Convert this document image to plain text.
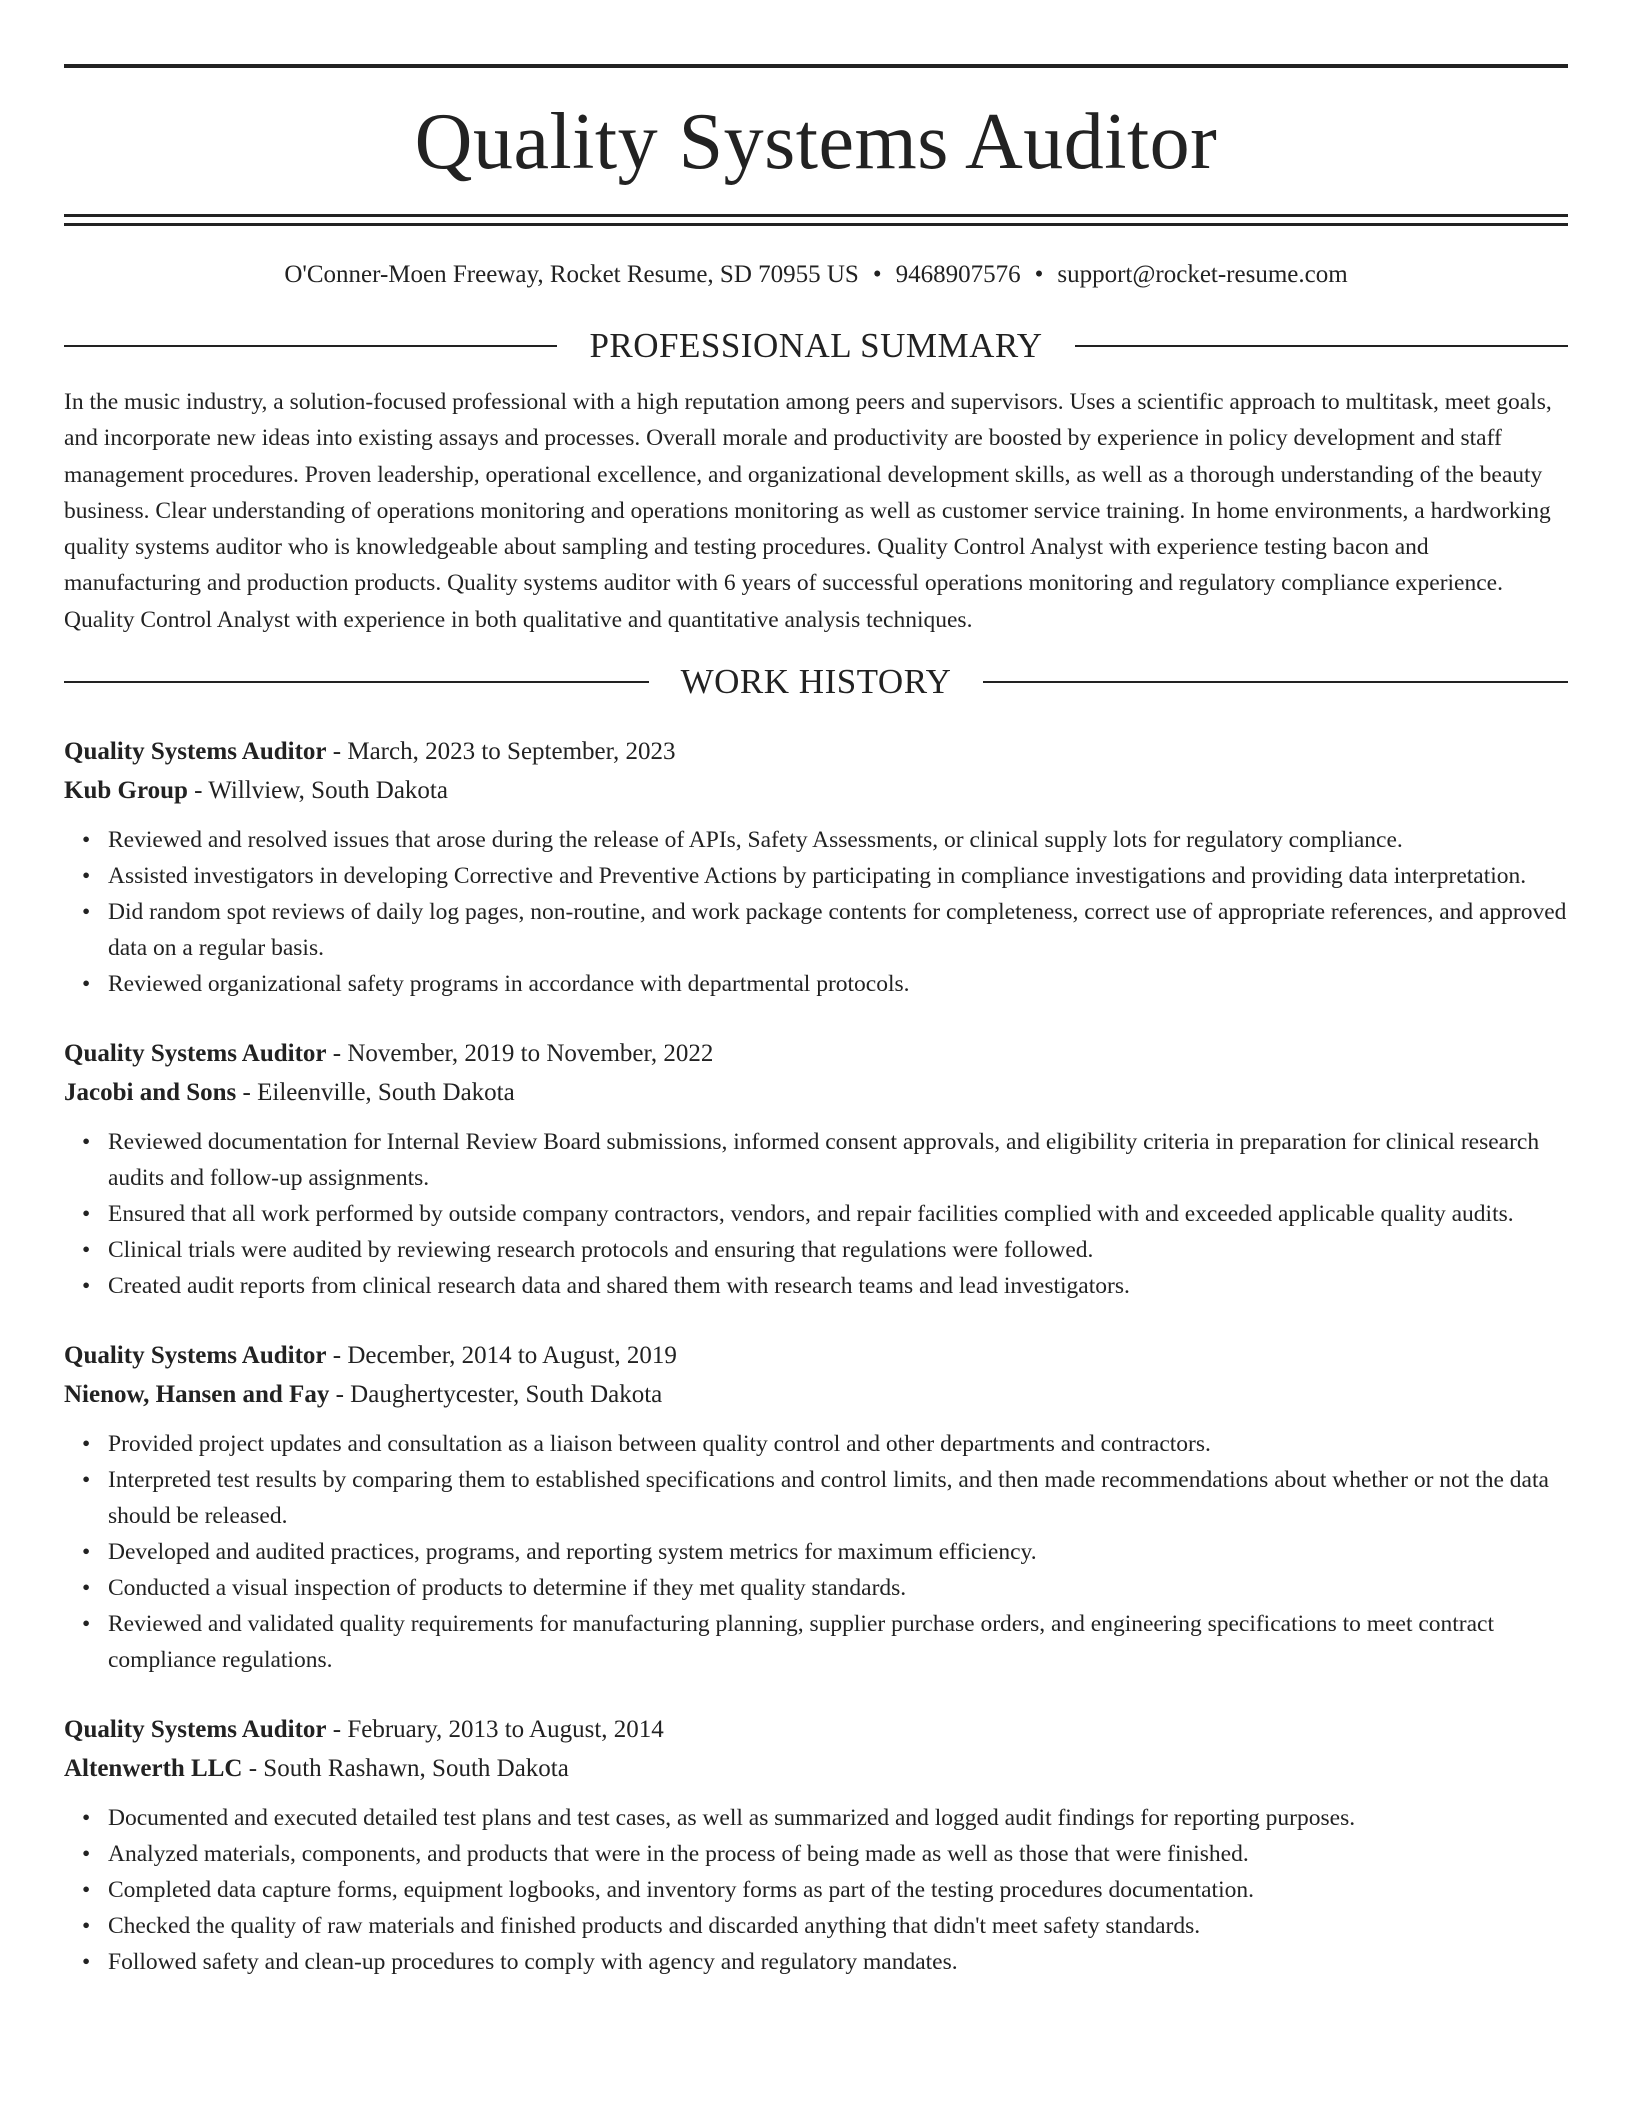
Quality Systems Auditor
O'Conner-Moen Freeway, Rocket Resume, SD 70955 US • 9468907576 • support@rocket-resume.com
PROFESSIONAL SUMMARY

In the music industry, a solution-focused professional with a high reputation among peers and supervisors. Uses a scientific approach to multitask, meet goals, and incorporate new ideas into existing assays and processes. Overall morale and productivity are boosted by experience in policy development and staff management procedures. Proven leadership, operational excellence, and organizational development skills, as well as a thorough understanding of the beauty business. Clear understanding of operations monitoring and operations monitoring as well as customer service training. In home environments, a hardworking quality systems auditor who is knowledgeable about sampling and testing procedures. Quality Control Analyst with experience testing bacon and manufacturing and production products. Quality systems auditor with 6 years of successful operations monitoring and regulatory compliance experience. Quality Control Analyst with experience in both qualitative and quantitative analysis techniques.

WORK HISTORY
Quality Systems Auditor - March, 2023 to September, 2023
Kub Group - Willview, South Dakota
• Reviewed and resolved issues that arose during the release of APIs, Safety Assessments, or clinical supply lots for regulatory compliance.
• Assisted investigators in developing Corrective and Preventive Actions by participating in compliance investigations and providing data interpretation.
• Did random spot reviews of daily log pages, non-routine, and work package contents for completeness, correct use of appropriate references, and approved data on a regular basis.
• Reviewed organizational safety programs in accordance with departmental protocols.
Quality Systems Auditor - November, 2019 to November, 2022
Jacobi and Sons - Eileenville, South Dakota
• Reviewed documentation for Internal Review Board submissions, informed consent approvals, and eligibility criteria in preparation for clinical research audits and follow-up assignments.
• Ensured that all work performed by outside company contractors, vendors, and repair facilities complied with and exceeded applicable quality audits.
• Clinical trials were audited by reviewing research protocols and ensuring that regulations were followed.
• Created audit reports from clinical research data and shared them with research teams and lead investigators.
Quality Systems Auditor - December, 2014 to August, 2019
Nienow, Hansen and Fay - Daughertycester, South Dakota
• Provided project updates and consultation as a liaison between quality control and other departments and contractors.
• Interpreted test results by comparing them to established specifications and control limits, and then made recommendations about whether or not the data should be released.
• Developed and audited practices, programs, and reporting system metrics for maximum efficiency.
• Conducted a visual inspection of products to determine if they met quality standards.
• Reviewed and validated quality requirements for manufacturing planning, supplier purchase orders, and engineering specifications to meet contract compliance regulations.
Quality Systems Auditor - February, 2013 to August, 2014
Altenwerth LLC - South Rashawn, South Dakota
• Documented and executed detailed test plans and test cases, as well as summarized and logged audit findings for reporting purposes.
• Analyzed materials, components, and products that were in the process of being made as well as those that were finished.
• Completed data capture forms, equipment logbooks, and inventory forms as part of the testing procedures documentation.
• Checked the quality of raw materials and finished products and discarded anything that didn't meet safety standards.
• Followed safety and clean-up procedures to comply with agency and regulatory mandates.
